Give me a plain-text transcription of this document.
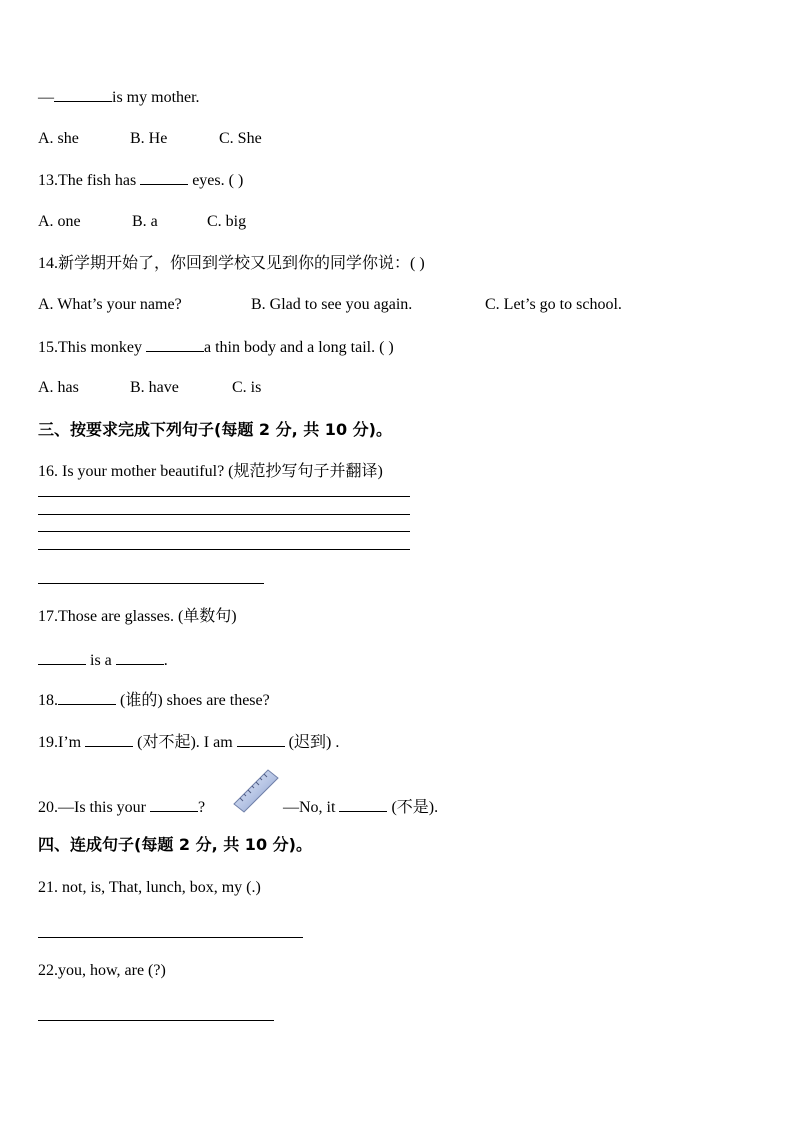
—	is my mother.
A. she	B. He	C. She
13.The fish has	eyes. ( )
A. one	B. a	C. big
14.新学期开始了，你回到学校又见到你的同学你说：( )
A. What’s your name?	B. Glad to see you again.	C. Let’s go to school.
15.This monkey	a thin body and a long tail. ( )
A. has	B. have	C. is
三、按要求完成下列句子(每题 2 分, 共 10 分)。
16. Is your mother beautiful? (规范抄写句子并翻译)
17.Those are glasses. (单数句)
is a	.
18.	(谁的) shoes are these?
19.I’m	(对不起). I am	(迟到) .
20.—Is this your	?	—No, it	(不是).
四、连成句子(每题 2 分, 共 10 分)。
21. not, is, That, lunch, box, my (.)
22.you, how, are (?)
